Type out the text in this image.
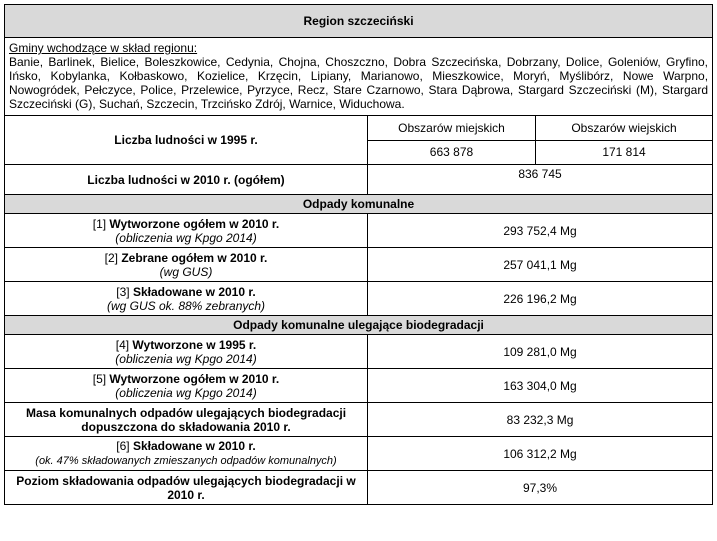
Region szczeciński		
Gminy wchodzące w skład regionu:
Banie, Barlinek, Bielice, Boleszkowice, Cedynia, Chojna, Choszczno, Dobra Szczecińska, Dobrzany, Dolice, Goleniów, Gryfino, Ińsko, Kobylanka, Kołbaskowo, Kozielice, Krzęcin, Lipiany, Marianowo, Mieszkowice, Moryń, Myślibórz, Nowe Warpno, Nowogródek, Pełczyce, Police, Przelewice, Pyrzyce, Recz, Stare Czarnowo, Stara Dąbrowa, Stargard Szczeciński (M), Stargard Szczeciński (G), Suchań, Szczecin, Trzcińsko Zdrój, Warnice, Widuchowa.		

Liczba ludności w 1995 r.	Obszarów miejskich	Obszarów wiejskich
	663 878	171 814
Liczba ludności w 2010 r. (ogółem)	836 745	
Odpady komunalne		
[1] Wytworzone ogółem w 2010 r.
(obliczenia wg Kpgo 2014)	293 752,4 Mg	
[2] Zebrane ogółem w 2010 r.
(wg GUS)	257 041,1 Mg	
[3] Składowane w 2010 r.
(wg GUS ok. 88% zebranych)	226 196,2 Mg	
Odpady komunalne ulegające biodegradacji		
[4] Wytworzone w 1995 r.
(obliczenia wg Kpgo 2014)	109 281,0 Mg	
[5] Wytworzone ogółem w 2010 r.
(obliczenia wg Kpgo 2014)	163 304,0 Mg	
Masa komunalnych odpadów ulegających biodegradacji dopuszczona do składowania 2010 r.	83 232,3 Mg	
[6] Składowane w 2010 r.
(ok. 47% składowanych zmieszanych odpadów komunalnych)	106 312,2 Mg	
Poziom składowania odpadów ulegających biodegradacji w 2010 r.	97,3%	
